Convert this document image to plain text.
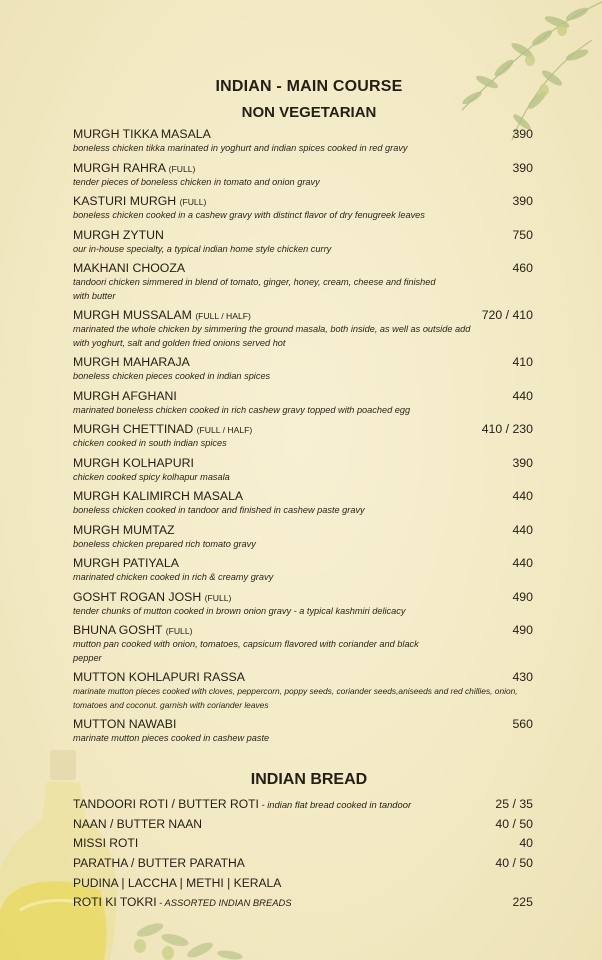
INDIAN - MAIN COURSE
NON VEGETARIAN
MURGH TIKKA MASALA	390
boneless chicken tikka marinated in yoghurt and indian spices cooked in red gravy
MURGH RAHRA (FULL)	390
tender pieces of boneless chicken in tomato and onion gravy
KASTURI MURGH (FULL)	390
boneless chicken cooked in a cashew gravy with distinct flavor of dry fenugreek leaves
MURGH ZYTUN	750
our in-house specialty, a typical indian home style chicken curry
MAKHANI CHOOZA	460
tandoori chicken simmered in blend of tomato, ginger, honey, cream, cheese and finished with butter
MURGH MUSSALAM (FULL / HALF)	720 / 410
marinated the whole chicken by simmering the ground masala, both inside, as well as outside add with yoghurt, salt and golden fried onions served hot
MURGH MAHARAJA	410
boneless chicken pieces cooked in indian spices
MURGH AFGHANI	440
marinated boneless chicken cooked in rich cashew gravy topped with poached egg
MURGH CHETTINAD (FULL / HALF)	410 / 230
chicken cooked in south indian spices
MURGH KOLHAPURI	390
chicken cooked spicy kolhapur masala
MURGH KALIMIRCH MASALA	440
boneless chicken cooked in tandoor and finished in cashew paste gravy
MURGH MUMTAZ	440
boneless chicken prepared rich tomato gravy
MURGH PATIYALA	440
marinated chicken cooked in rich & creamy gravy
GOSHT ROGAN JOSH (FULL)	490
tender chunks of mutton cooked in brown onion gravy - a typical kashmiri delicacy
BHUNA GOSHT (FULL)	490
mutton pan cooked with onion, tomatoes, capsicum flavored with coriander and black pepper
MUTTON KOHLAPURI RASSA	430
marinate mutton pieces cooked with cloves, peppercorn, poppy seeds, coriander seeds,aniseeds and red chillies, onion, tomatoes and coconut. garnish with coriander leaves
MUTTON NAWABI	560
marinate mutton pieces cooked in cashew paste
INDIAN BREAD
TANDOORI ROTI / BUTTER ROTI - indian flat bread cooked in tandoor	25 / 35
NAAN / BUTTER NAAN	40 / 50
MISSI ROTI	40
PARATHA / BUTTER PARATHA	40 / 50
PUDINA | LACCHA | METHI | KERALA
ROTI KI TOKRI - ASSORTED INDIAN BREADS	225
